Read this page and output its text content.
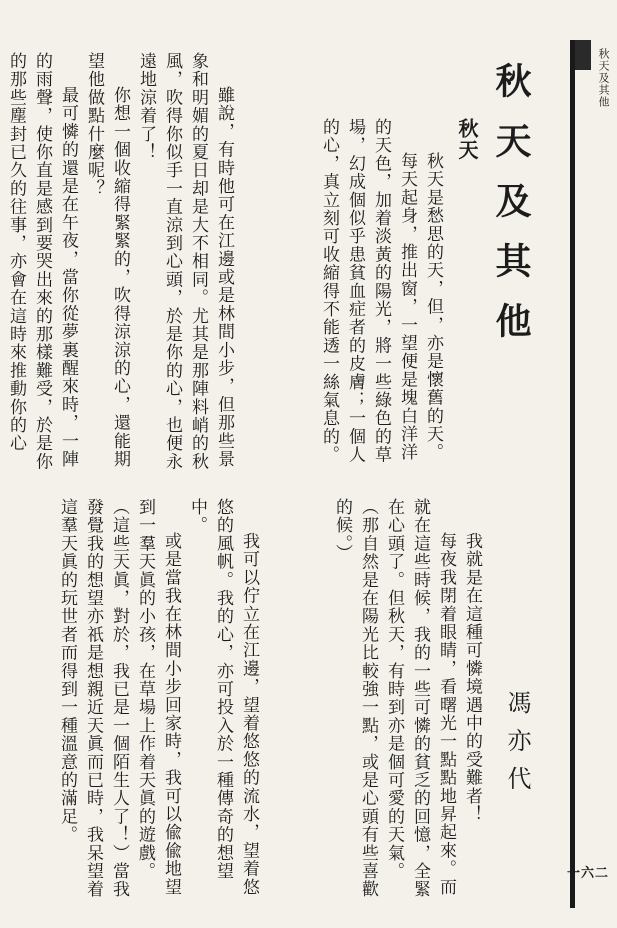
秋天及其他
一六二
秋天及其他
馮亦代

秋天

秋天是愁思的天，但，亦是懷舊的天。

每天起身，推出窗，一望便是塊白洋洋的天色，加着淡黃的陽光，將一些綠色的草場，幻成個似乎患貧血症者的皮膚；一個人的心，真立刻可收縮得不能透一絲氣息的。

雖說，有時他可在江邊或是林間小步，但那些景象和明媚的夏日却是大不相同。尤其是那陣料峭的秋風，吹得你似手一直涼到心頭，於是你的心，也便永遠地涼着了！

你想一個收縮得緊緊的，吹得涼涼的心，還能期望他做點什麼呢？

最可憐的還是在午夜，當你從夢裏醒來時，一陣的雨聲，使你直是感到要哭出來的那樣難受，於是你的那些塵封已久的往事，亦會在這時來推動你的心

我就是在這種可憐境遇中的受難者！

每夜我閉着眼睛，看曙光一點點地昇起來。而就在這些時候，我的一些可憐的貧乏的回憶，全緊在心頭了。但秋天，有時到亦是個可愛的天氣。（那自然是在陽光比較強一點，或是心頭有些喜歡的候。）

我可以佇立在江邊，望着悠悠的流水，望着悠悠的風帆。我的心，亦可投入於一種傳奇的想望中。

或是當我在林間小步回家時，我可以偸偸地望到一羣天眞的小孩，在草場上作着天眞的遊戲。（這些天眞，對於，我已是一個陌生人了！）當我發覺我的想望亦祇是想親近天眞而已時，我呆望着這羣天眞的玩世者而得到一種溫意的滿足。
